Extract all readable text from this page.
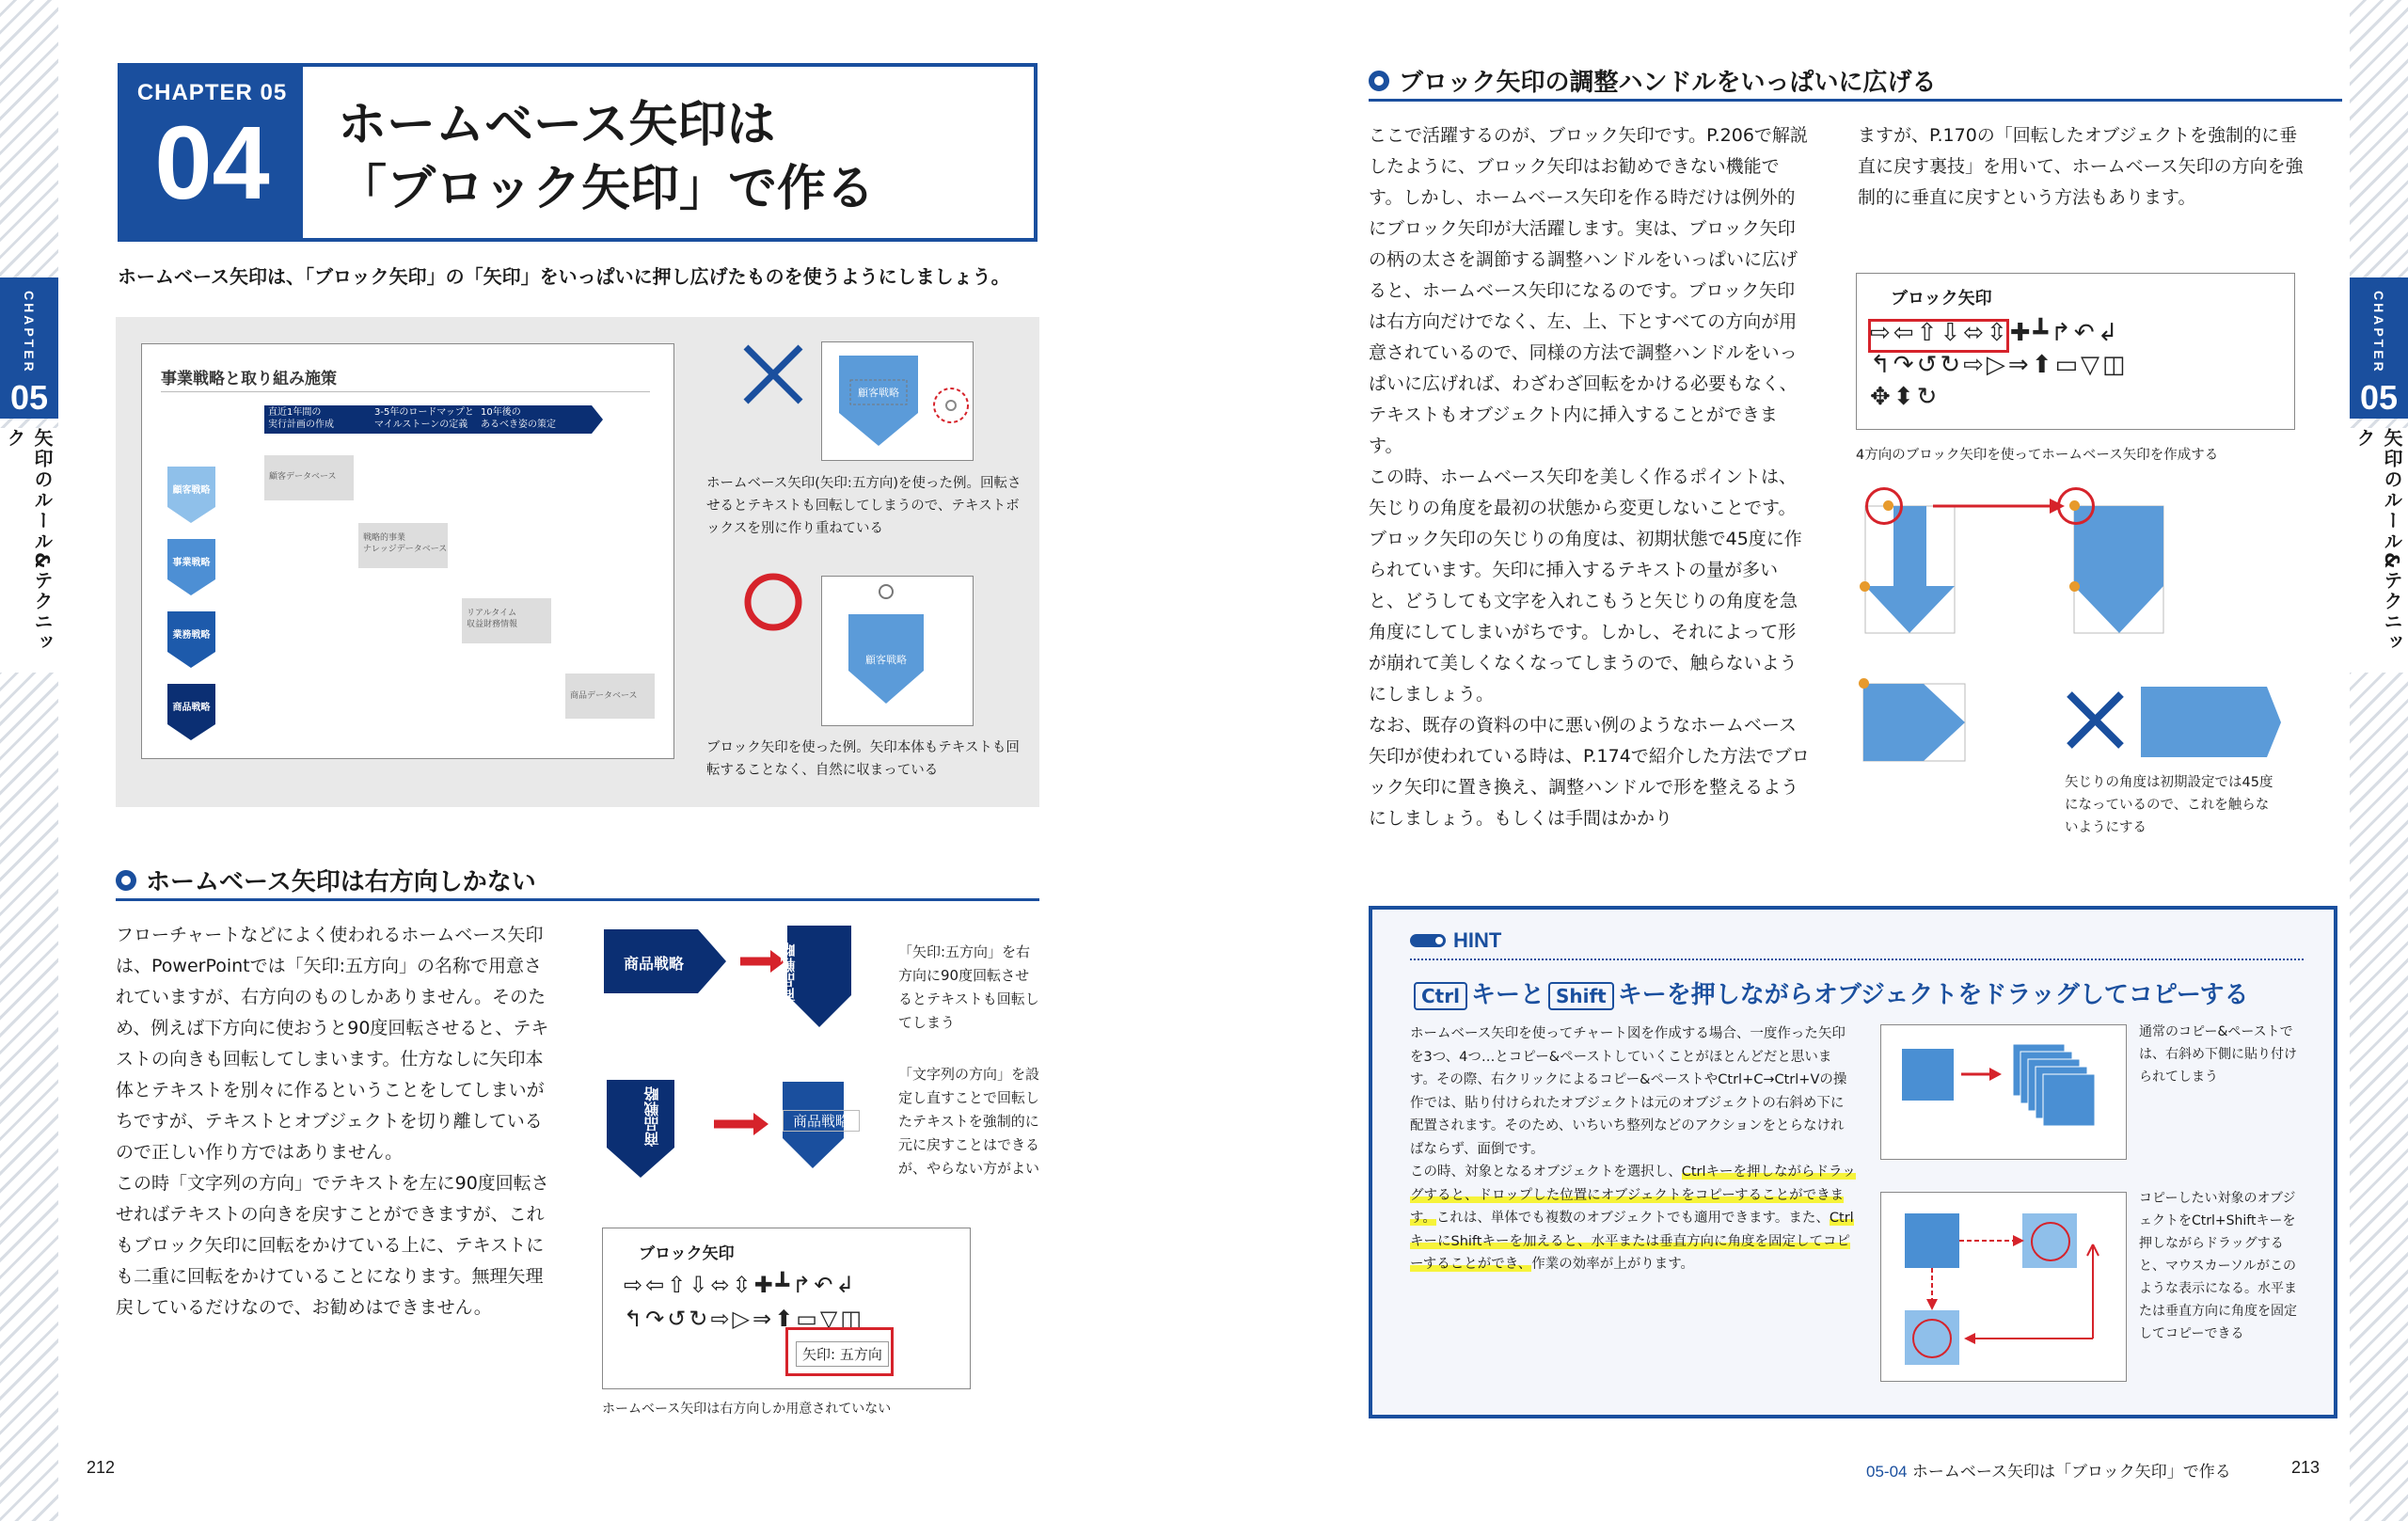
CHAPTER
05
矢印のルール&テクニック
CHAPTER
05
矢印のルール&テクニック
CHAPTER 05
04	ホームベース矢印は
「ブロック矢印」で作る
ホームベース矢印は、「ブロック矢印」の「矢印」をいっぱいに押し広げたものを使うようにしましょう。
事業戦略と取り組み施策
直近1年間の
実行計画の作成
3-5年のロードマップと
マイルストーンの定義
10年後の
あるべき姿の策定
顧客戦略
事業戦略
業務戦略
商品戦略
顧客データベース
戦略的事業
ナレッジデータベース
リアルタイム
収益財務情報
商品データベース
顧客戦略
ホームベース矢印(矢印:五方向)を使った例。回転させるとテキストも回転してしまうので、テキストボックスを別に作り重ねている
顧客戦略
ブロック矢印を使った例。矢印本体もテキストも回転することなく、自然に収まっている
ホームベース矢印は右方向しかない
フローチャートなどによく使われるホームベース矢印は、PowerPointでは「矢印:五方向」の名称で用意されていますが、右方向のものしかありません。そのため、例えば下方向に使おうと90度回転させると、テキストの向きも回転してしまいます。仕方なしに矢印本体とテキストを別々に作るということをしてしまいがちですが、テキストとオブジェクトを切り離しているので正しい作り方ではありません。
この時「文字列の方向」でテキストを左に90度回転させればテキストの向きを戻すことができますが、これもブロック矢印に回転をかけている上に、テキストにも二重に回転をかけていることになります。無理矢理戻しているだけなので、お勧めはできません。
商品戦略	商品戦略
商品戦略	商品戦略
「矢印:五方向」を右方向に90度回転させるとテキストも回転してしまう
「文字列の方向」を設定し直すことで回転したテキストを強制的に元に戻すことはできるが、やらない方がよい
ブロック矢印
⇨⇦⇧⇩⬄⇳✚┻↱↶↲
↰↷↺↻⇨▷⇒⬆▭▽◫
矢印: 五方向
ホームベース矢印は右方向しか用意されていない
ブロック矢印の調整ハンドルをいっぱいに広げる
ここで活躍するのが、ブロック矢印です。P.206で解説したように、ブロック矢印はお勧めできない機能です。しかし、ホームベース矢印を作る時だけは例外的にブロック矢印が大活躍します。実は、ブロック矢印の柄の太さを調節する調整ハンドルをいっぱいに広げると、ホームベース矢印になるのです。ブロック矢印は右方向だけでなく、左、上、下とすべての方向が用意されているので、同様の方法で調整ハンドルをいっぱいに広げれば、わざわざ回転をかける必要もなく、テキストもオブジェクト内に挿入することができます。
この時、ホームベース矢印を美しく作るポイントは、矢じりの角度を最初の状態から変更しないことです。ブロック矢印の矢じりの角度は、初期状態で45度に作られています。矢印に挿入するテキストの量が多いと、どうしても文字を入れこもうと矢じりの角度を急角度にしてしまいがちです。しかし、それによって形が崩れて美しくなくなってしまうので、触らないようにしましょう。
なお、既存の資料の中に悪い例のようなホームベース矢印が使われている時は、P.174で紹介した方法でブロック矢印に置き換え、調整ハンドルで形を整えるようにしましょう。もしくは手間はかかり
ますが、P.170の「回転したオブジェクトを強制的に垂直に戻す裏技」を用いて、ホームベース矢印の方向を強制的に垂直に戻すという方法もあります。
ブロック矢印
⇨⇦⇧⇩⬄⇳✚┻↱↶↲
↰↷↺↻⇨▷⇒⬆▭▽◫
✥⬍↻
4方向のブロック矢印を使ってホームベース矢印を作成する
矢じりの角度は初期設定では45度になっているので、これを触らないようにする
HINT
Ctrl キーと Shift キーを押しながらオブジェクトをドラッグしてコピーする
ホームベース矢印を使ってチャート図を作成する場合、一度作った矢印を3つ、4つ…とコピー&ペーストしていくことがほとんどだと思います。その際、右クリックによるコピー&ペーストやCtrl+C→Ctrl+Vの操作では、貼り付けられたオブジェクトは元のオブジェクトの右斜め下に配置されます。そのため、いちいち整列などのアクションをとらなければならず、面倒です。
この時、対象となるオブジェクトを選択し、Ctrlキーを押しながらドラッグすると、ドロップした位置にオブジェクトをコピーすることができます。これは、単体でも複数のオブジェクトでも適用できます。また、CtrlキーにShiftキーを加えると、水平または垂直方向に角度を固定してコピーすることができ、作業の効率が上がります。
通常のコピー&ペーストでは、右斜め下側に貼り付けられてしまう
コピーしたい対象のオブジェクトをCtrl+Shiftキーを押しながらドラッグすると、マウスカーソルがこのような表示になる。水平または垂直方向に角度を固定してコピーできる
212	05-04 ホームベース矢印は「ブロック矢印」で作る	213
